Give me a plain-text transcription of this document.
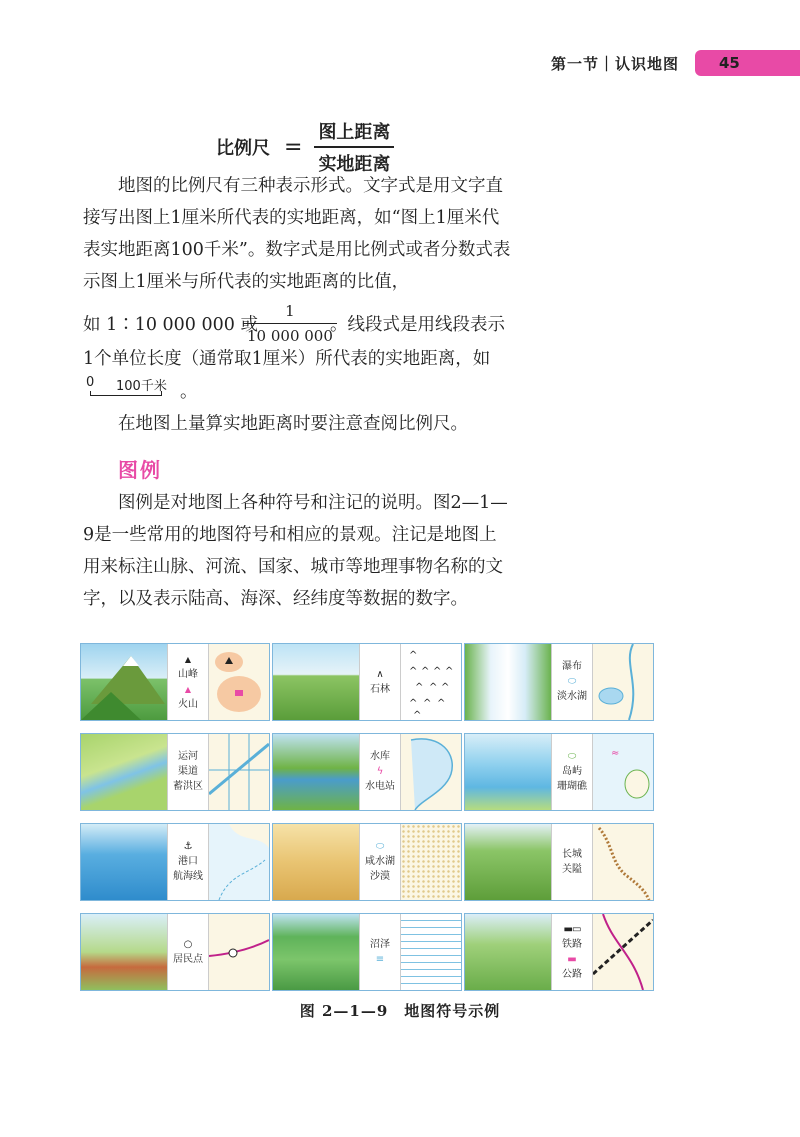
第一节｜认识地图	45
比例尺 = $\frac{\text{图上距离}}{\text{实地距离}}$

地图的比例尺有三种表示形式。文字式是用文字直接写出图上1厘米所代表的实地距离，如“图上1厘米代表实地距离100千米”。数字式是用比例式或者分数式表示图上1厘米与所代表的实地距离的比值，

如 1∶10 000 000 或
$\frac{1}{10 000 000}$
。线段式是用线段表示
1个单位长度（通常取1厘米）所代表的实地距离，如
0 100千米 。
在地图上量算实地距离时要注意查阅比例尺。
图例

图例是对地图上各种符号和注记的说明。图2—1—9是一些常用的地图符号和相应的景观。注记是地图上用来标注山脉、河流、国家、城市等地理事物名称的文字，以及表示陆高、海深、经纬度等数据的数字。

▲
山峰
▲
火山
∧
石林
^
^ ^ ^ ^
^ ^ ^
^ ^ ^
^
瀑布
⬭
淡水湖
运河
渠道
蓄洪区
水库
ϟ
水电站
⬭
岛屿
珊瑚礁
≈
⚓
港口
航海线
⬭
咸水湖
沙漠
长城
关隘
○
居民点
沼泽
≡
▬▭
铁路
▬
公路
图 2—1—9　地图符号示例
